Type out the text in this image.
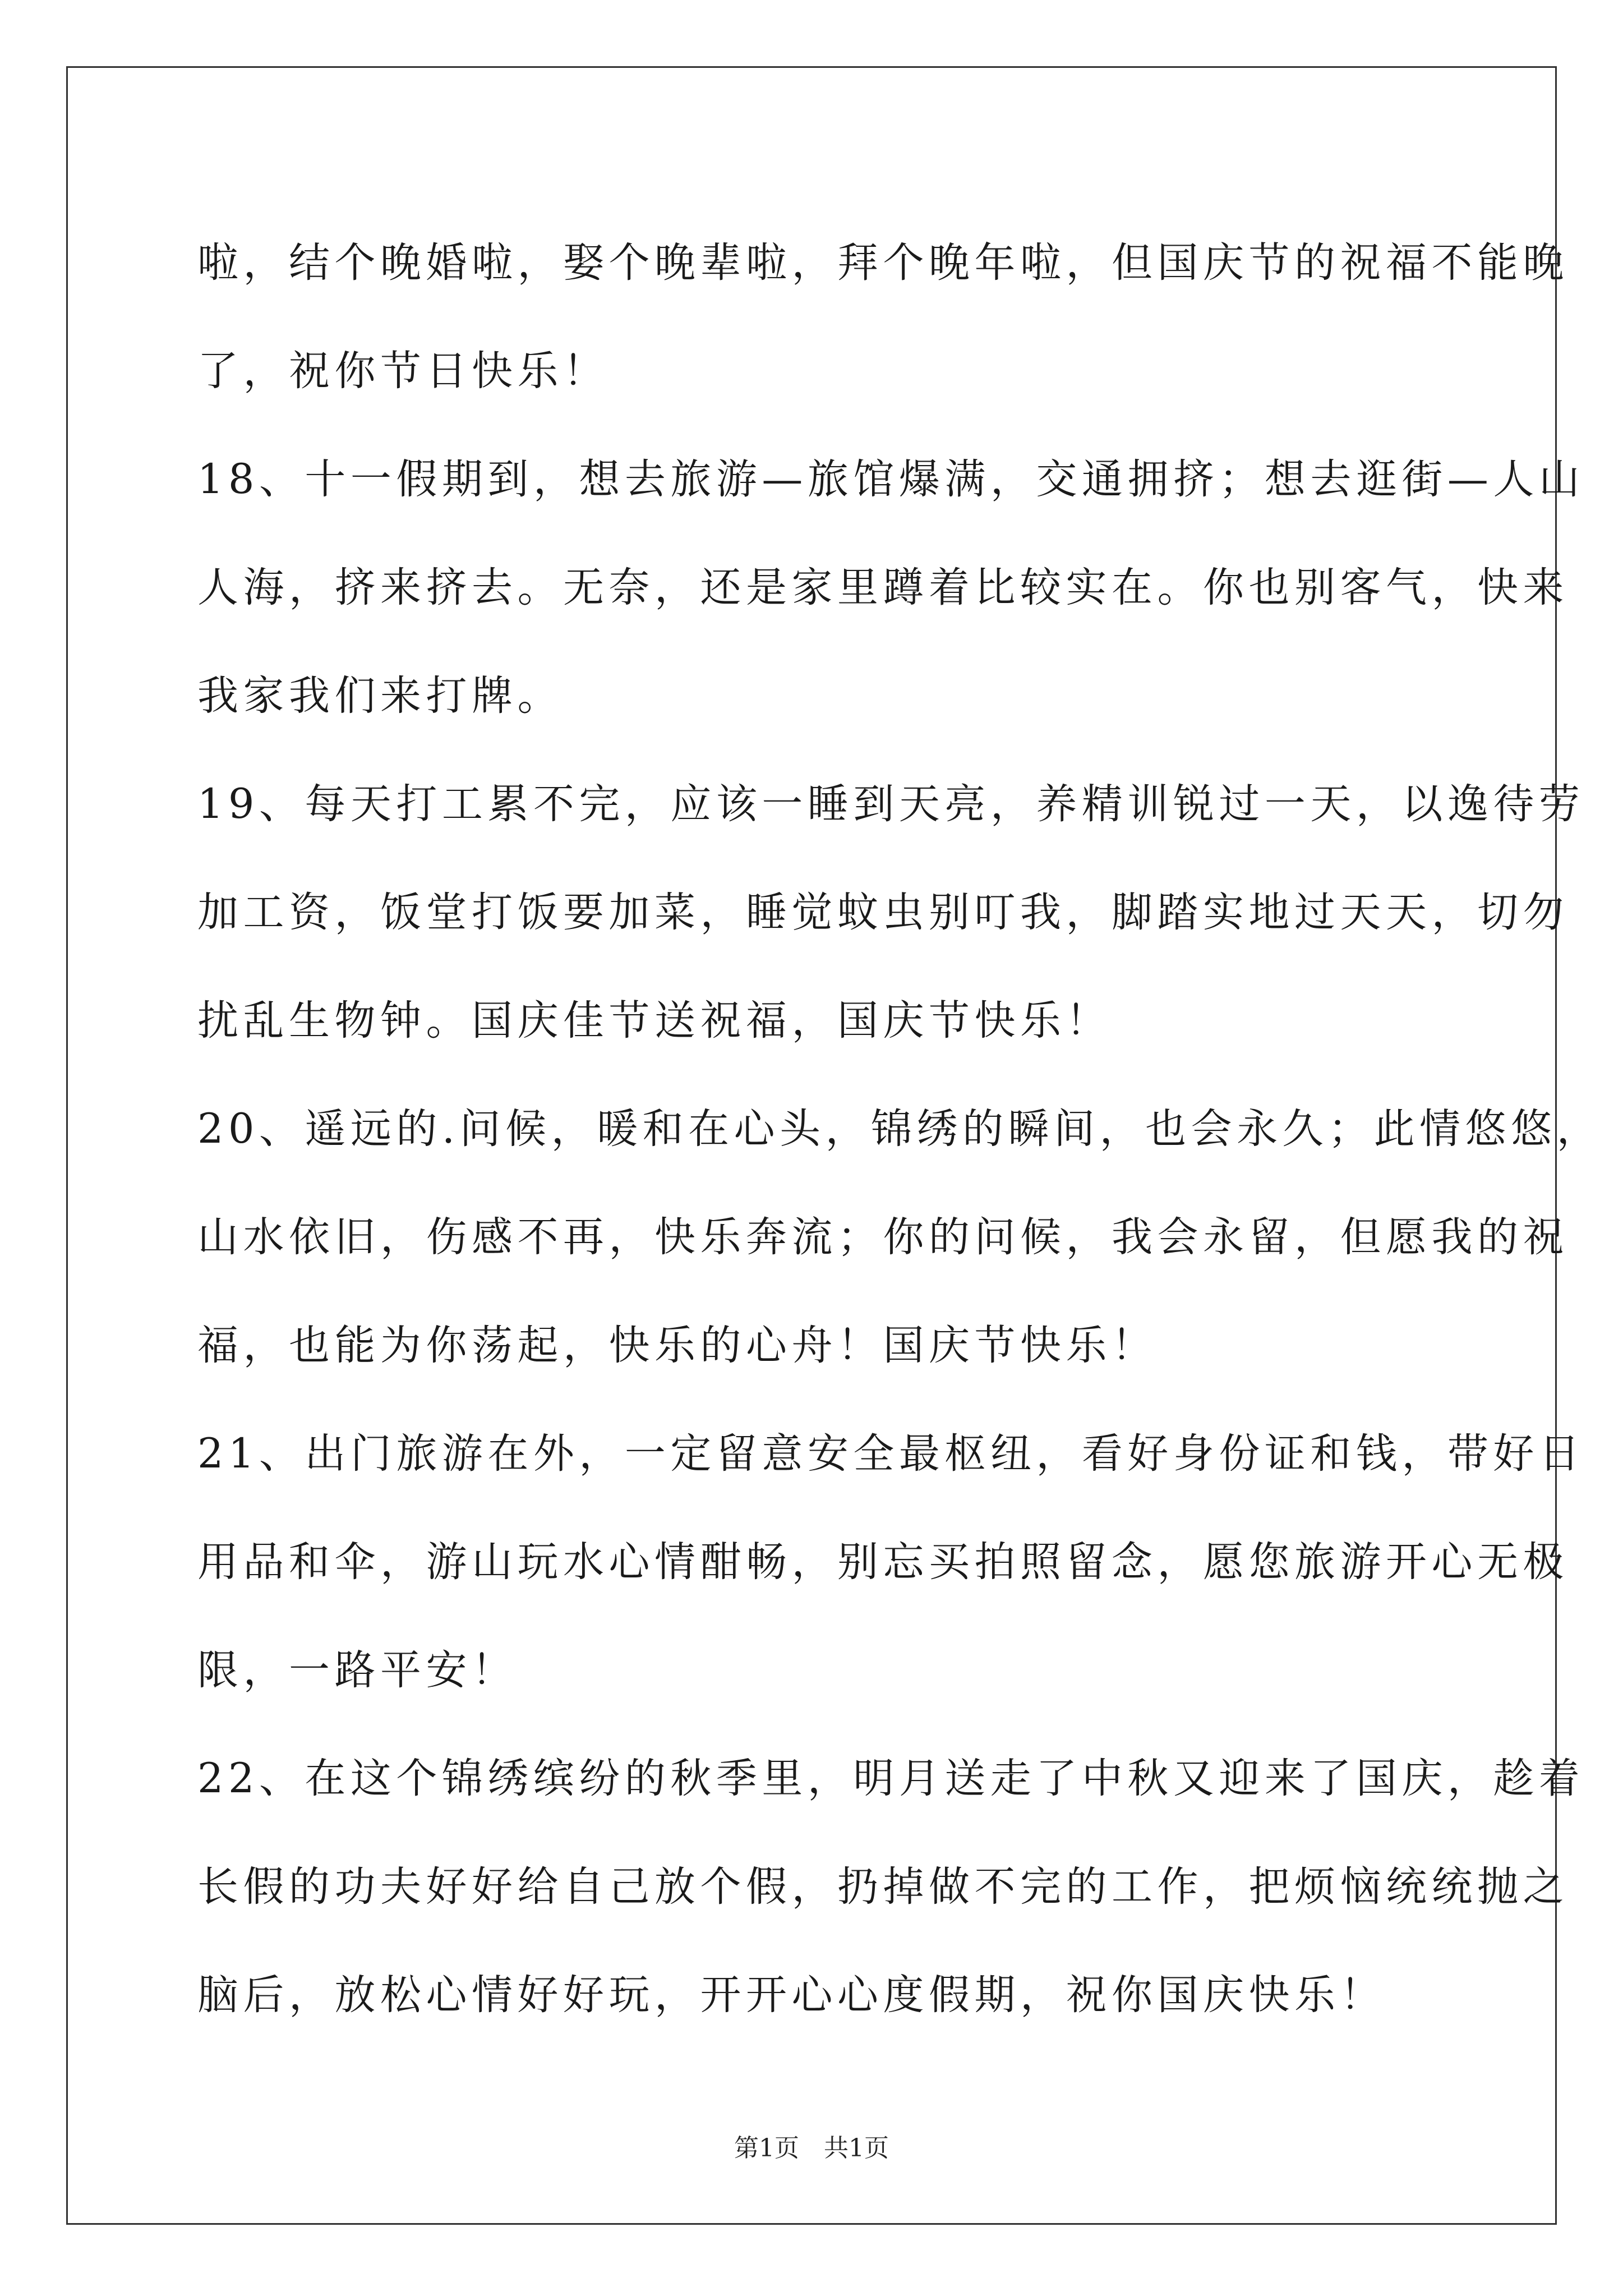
啦，结个晚婚啦，娶个晚辈啦，拜个晚年啦，但国庆节的祝福不能晚
了，祝你节日快乐！
18、十一假期到，想去旅游—旅馆爆满，交通拥挤；想去逛街—人山
人海，挤来挤去。无奈，还是家里蹲着比较实在。你也别客气，快来
我家我们来打牌。
19、每天打工累不完，应该一睡到天亮，养精训锐过一天，以逸待劳
加工资，饭堂打饭要加菜，睡觉蚊虫别叮我，脚踏实地过天天，切勿
扰乱生物钟。国庆佳节送祝福，国庆节快乐！
20、遥远的.问候，暖和在心头，锦绣的瞬间，也会永久；此情悠悠，
山水依旧，伤感不再，快乐奔流；你的问候，我会永留，但愿我的祝
福，也能为你荡起，快乐的心舟！国庆节快乐！
21、出门旅游在外，一定留意安全最枢纽，看好身份证和钱，带好日
用品和伞，游山玩水心情酣畅，别忘买拍照留念，愿您旅游开心无极
限，一路平安！
22、在这个锦绣缤纷的秋季里，明月送走了中秋又迎来了国庆，趁着
长假的功夫好好给自己放个假，扔掉做不完的工作，把烦恼统统抛之
脑后，放松心情好好玩，开开心心度假期，祝你国庆快乐！
第1页　共1页
